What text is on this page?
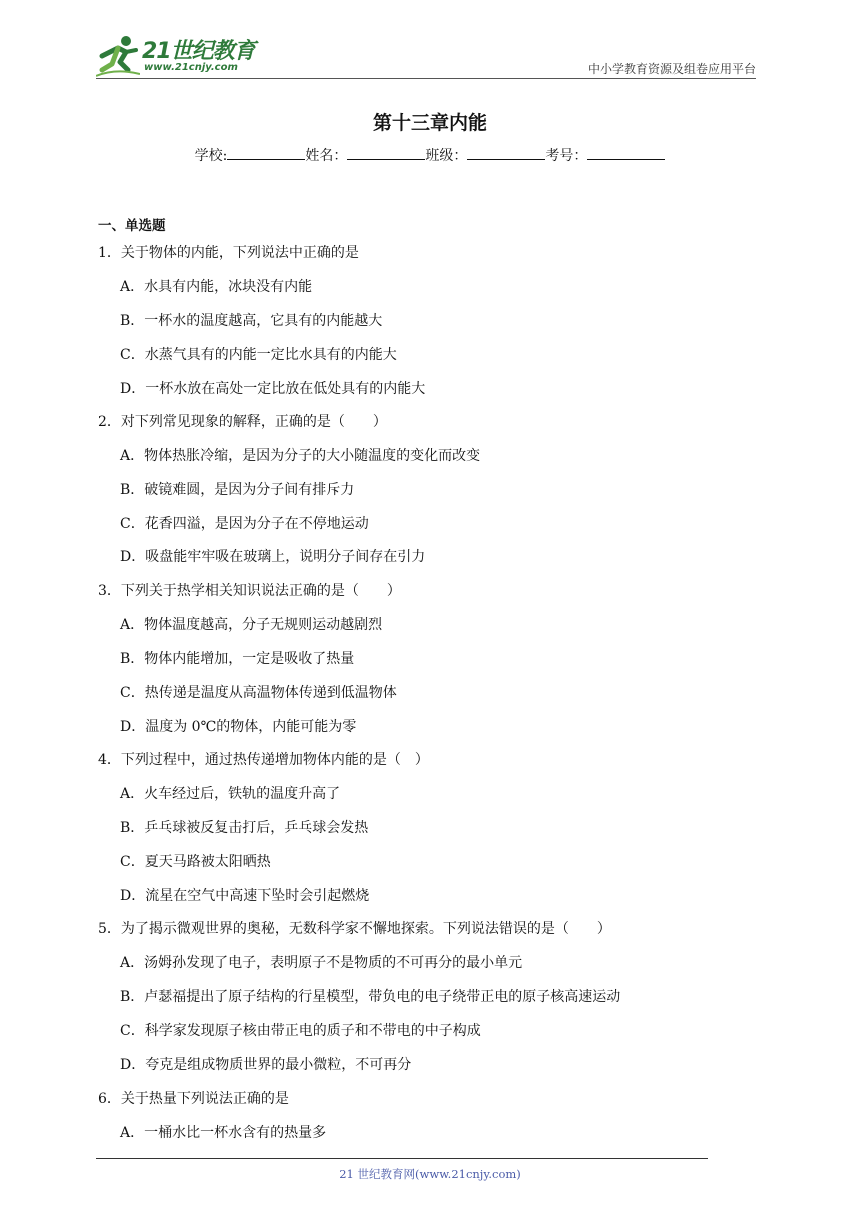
21世纪教育
www.21cnjy.com	中小学教育资源及组卷应用平台
第十三章内能
学校:	姓名：	班级：	考号：
一、单选题
1．关于物体的内能，下列说法中正确的是
A．水具有内能，冰块没有内能
B．一杯水的温度越高，它具有的内能越大
C．水蒸气具有的内能一定比水具有的内能大
D．一杯水放在高处一定比放在低处具有的内能大
2．对下列常见现象的解释，正确的是（　　）
A．物体热胀冷缩，是因为分子的大小随温度的变化而改变
B．破镜难圆，是因为分子间有排斥力
C．花香四溢，是因为分子在不停地运动
D．吸盘能牢牢吸在玻璃上，说明分子间存在引力
3．下列关于热学相关知识说法正确的是（　　）
A．物体温度越高，分子无规则运动越剧烈
B．物体内能增加，一定是吸收了热量
C．热传递是温度从高温物体传递到低温物体
D．温度为 0℃的物体，内能可能为零
4．下列过程中，通过热传递增加物体内能的是（　）
A．火车经过后，铁轨的温度升高了
B．乒乓球被反复击打后，乒乓球会发热
C．夏天马路被太阳晒热
D．流星在空气中高速下坠时会引起燃烧
5．为了揭示微观世界的奥秘，无数科学家不懈地探索。下列说法错误的是（　　）
A．汤姆孙发现了电子，表明原子不是物质的不可再分的最小单元
B．卢瑟福提出了原子结构的行星模型，带负电的电子绕带正电的原子核高速运动
C．科学家发现原子核由带正电的质子和不带电的中子构成
D．夸克是组成物质世界的最小微粒，不可再分
6．关于热量下列说法正确的是
A．一桶水比一杯水含有的热量多
21 世纪教育网(www.21cnjy.com)
